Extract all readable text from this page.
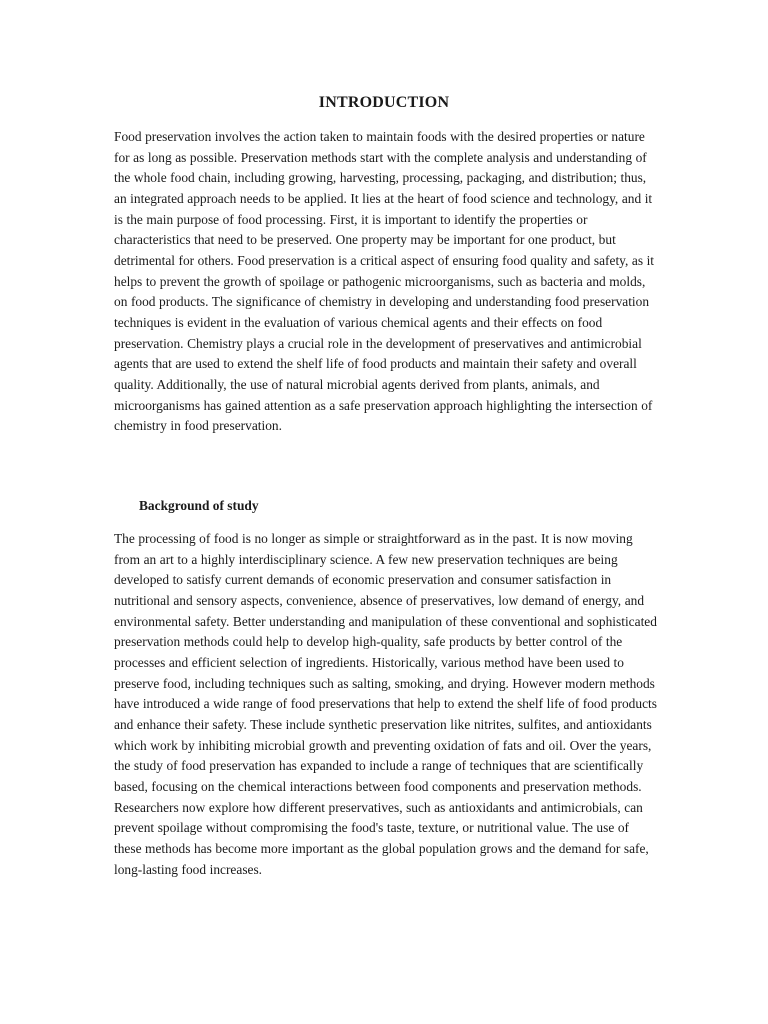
INTRODUCTION

Food preservation involves the action taken to maintain foods with the desired properties or nature for as long as possible. Preservation methods start with the complete analysis and understanding of the whole food chain, including growing, harvesting, processing, packaging, and distribution; thus, an integrated approach needs to be applied. It lies at the heart of food science and technology, and it is the main purpose of food processing. First, it is important to identify the properties or characteristics that need to be preserved. One property may be important for one product, but detrimental for others. Food preservation is a critical aspect of ensuring food quality and safety, as it helps to prevent the growth of spoilage or pathogenic microorganisms, such as bacteria and molds, on food products. The significance of chemistry in developing and understanding food preservation techniques is evident in the evaluation of various chemical agents and their effects on food preservation. Chemistry plays a crucial role in the development of preservatives and antimicrobial agents that are used to extend the shelf life of food products and maintain their safety and overall quality. Additionally, the use of natural microbial agents derived from plants, animals, and microorganisms has gained attention as a safe preservation approach highlighting the intersection of chemistry in food preservation.

Background of study

The processing of food is no longer as simple or straightforward as in the past. It is now moving from an art to a highly interdisciplinary science. A few new preservation techniques are being developed to satisfy current demands of economic preservation and consumer satisfaction in nutritional and sensory aspects, convenience, absence of preservatives, low demand of energy, and environmental safety. Better understanding and manipulation of these conventional and sophisticated preservation methods could help to develop high-quality, safe products by better control of the processes and efficient selection of ingredients. Historically, various method have been used to preserve food, including techniques such as salting, smoking, and drying. However modern methods have introduced a wide range of food preservations that help to extend the shelf life of food products and enhance their safety. These include synthetic preservation like nitrites, sulfites, and antioxidants which work by inhibiting microbial growth and preventing oxidation of fats and oil. Over the years, the study of food preservation has expanded to include a range of techniques that are scientifically based, focusing on the chemical interactions between food components and preservation methods. Researchers now explore how different preservatives, such as antioxidants and antimicrobials, can prevent spoilage without compromising the food's taste, texture, or nutritional value. The use of these methods has become more important as the global population grows and the demand for safe, long-lasting food increases.
